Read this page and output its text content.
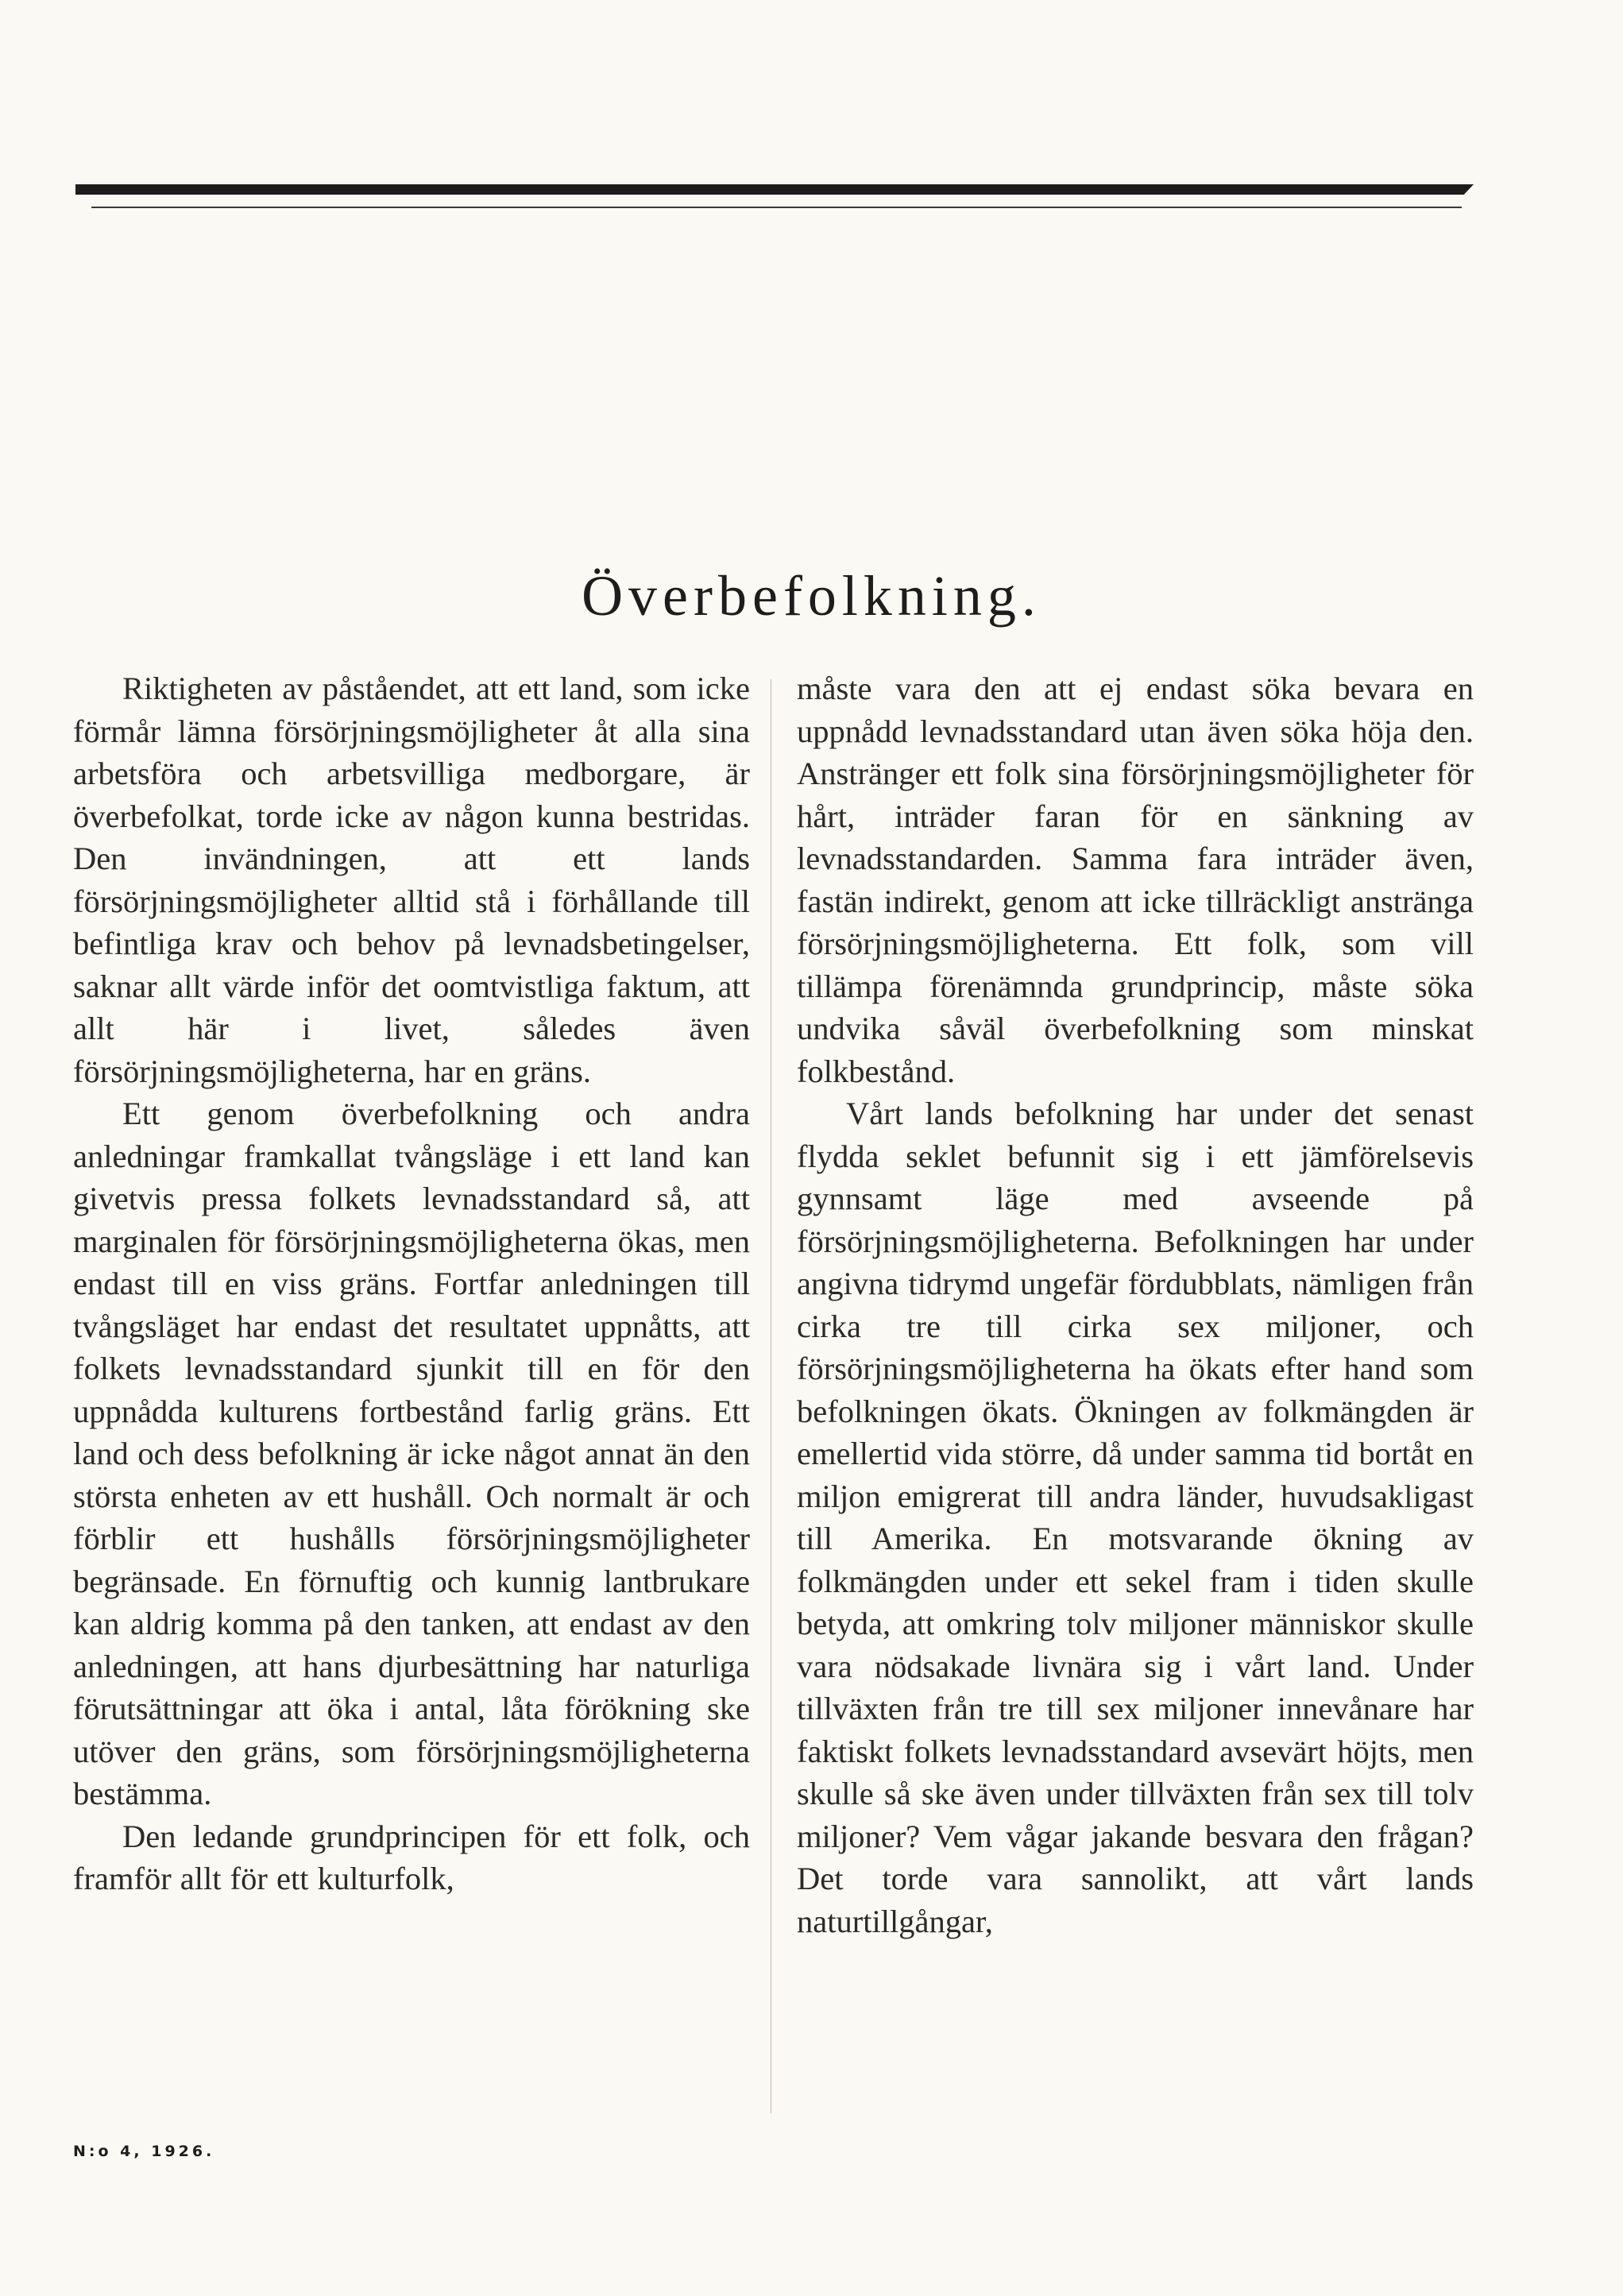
Överbefolkning.

Riktigheten av påståendet, att ett land, som icke förmår lämna försörjningsmöjligheter åt alla sina arbetsföra och arbetsvilliga medborgare, är överbefolkat, torde icke av någon kunna bestridas. Den invändningen, att ett lands försörjningsmöjligheter alltid stå i förhållande till befintliga krav och behov på levnadsbetingelser, saknar allt värde inför det oomtvistliga faktum, att allt här i livet, således även försörjningsmöjligheterna, har en gräns.

Ett genom överbefolkning och andra anledningar framkallat tvångsläge i ett land kan givetvis pressa folkets levnadsstandard så, att marginalen för försörjningsmöjligheterna ökas, men endast till en viss gräns. Fortfar anledningen till tvångsläget har endast det resultatet uppnåtts, att folkets levnadsstandard sjunkit till en för den uppnådda kulturens fortbestånd farlig gräns. Ett land och dess befolkning är icke något annat än den största enheten av ett hushåll. Och normalt är och förblir ett hushålls försörjningsmöjligheter begränsade. En förnuftig och kunnig lantbrukare kan aldrig komma på den tanken, att endast av den anledningen, att hans djurbesättning har naturliga förutsättningar att öka i antal, låta förökning ske utöver den gräns, som försörjningsmöjligheterna bestämma.

Den ledande grundprincipen för ett folk, och framför allt för ett kulturfolk,

måste vara den att ej endast söka bevara en uppnådd levnadsstandard utan även söka höja den. Anstränger ett folk sina försörjningsmöjligheter för hårt, inträder faran för en sänkning av levnadsstandarden. Samma fara inträder även, fastän indirekt, genom att icke tillräckligt anstränga försörjningsmöjligheterna. Ett folk, som vill tillämpa förenämnda grundprincip, måste söka undvika såväl överbefolkning som minskat folkbestånd.

Vårt lands befolkning har under det senast flydda seklet befunnit sig i ett jämförelsevis gynnsamt läge med avseende på försörjningsmöjligheterna. Befolkningen har under angivna tidrymd ungefär fördubblats, nämligen från cirka tre till cirka sex miljoner, och försörjningsmöjligheterna ha ökats efter hand som befolkningen ökats. Ökningen av folkmängden är emellertid vida större, då under samma tid bortåt en miljon emigrerat till andra länder, huvudsakligast till Amerika. En motsvarande ökning av folkmängden under ett sekel fram i tiden skulle betyda, att omkring tolv miljoner människor skulle vara nödsakade livnära sig i vårt land. Under tillväxten från tre till sex miljoner innevånare har faktiskt folkets levnadsstandard avsevärt höjts, men skulle så ske även under tillväxten från sex till tolv miljoner? Vem vågar jakande besvara den frågan? Det torde vara sannolikt, att vårt lands naturtillgångar,

N:o 4, 1926.
